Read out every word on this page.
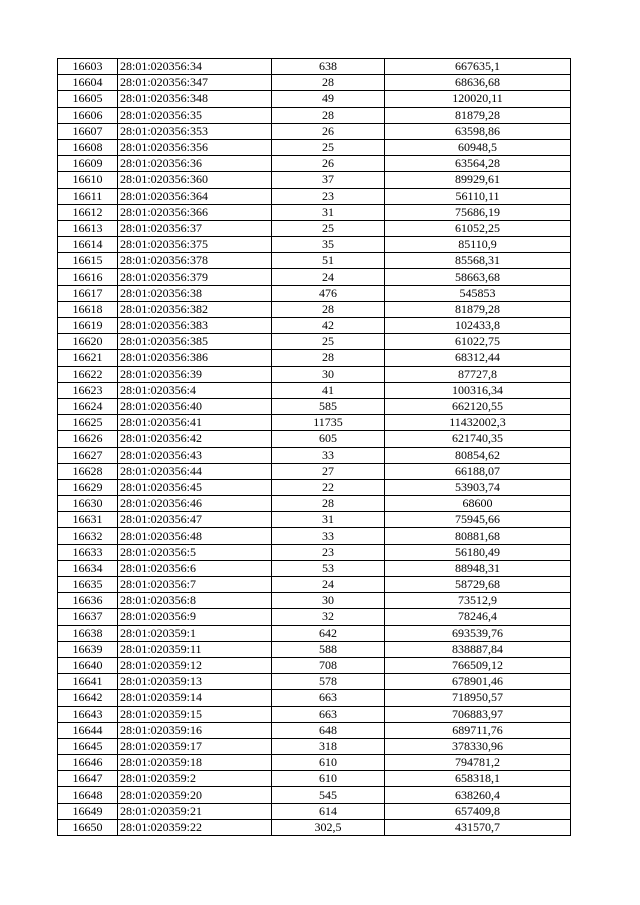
16603	28:01:020356:34	638	667635,1
16604	28:01:020356:347	28	68636,68
16605	28:01:020356:348	49	120020,11
16606	28:01:020356:35	28	81879,28
16607	28:01:020356:353	26	63598,86
16608	28:01:020356:356	25	60948,5
16609	28:01:020356:36	26	63564,28
16610	28:01:020356:360	37	89929,61
16611	28:01:020356:364	23	56110,11
16612	28:01:020356:366	31	75686,19
16613	28:01:020356:37	25	61052,25
16614	28:01:020356:375	35	85110,9
16615	28:01:020356:378	51	85568,31
16616	28:01:020356:379	24	58663,68
16617	28:01:020356:38	476	545853
16618	28:01:020356:382	28	81879,28
16619	28:01:020356:383	42	102433,8
16620	28:01:020356:385	25	61022,75
16621	28:01:020356:386	28	68312,44
16622	28:01:020356:39	30	87727,8
16623	28:01:020356:4	41	100316,34
16624	28:01:020356:40	585	662120,55
16625	28:01:020356:41	11735	11432002,3
16626	28:01:020356:42	605	621740,35
16627	28:01:020356:43	33	80854,62
16628	28:01:020356:44	27	66188,07
16629	28:01:020356:45	22	53903,74
16630	28:01:020356:46	28	68600
16631	28:01:020356:47	31	75945,66
16632	28:01:020356:48	33	80881,68
16633	28:01:020356:5	23	56180,49
16634	28:01:020356:6	53	88948,31
16635	28:01:020356:7	24	58729,68
16636	28:01:020356:8	30	73512,9
16637	28:01:020356:9	32	78246,4
16638	28:01:020359:1	642	693539,76
16639	28:01:020359:11	588	838887,84
16640	28:01:020359:12	708	766509,12
16641	28:01:020359:13	578	678901,46
16642	28:01:020359:14	663	718950,57
16643	28:01:020359:15	663	706883,97
16644	28:01:020359:16	648	689711,76
16645	28:01:020359:17	318	378330,96
16646	28:01:020359:18	610	794781,2
16647	28:01:020359:2	610	658318,1
16648	28:01:020359:20	545	638260,4
16649	28:01:020359:21	614	657409,8
16650	28:01:020359:22	302,5	431570,7
